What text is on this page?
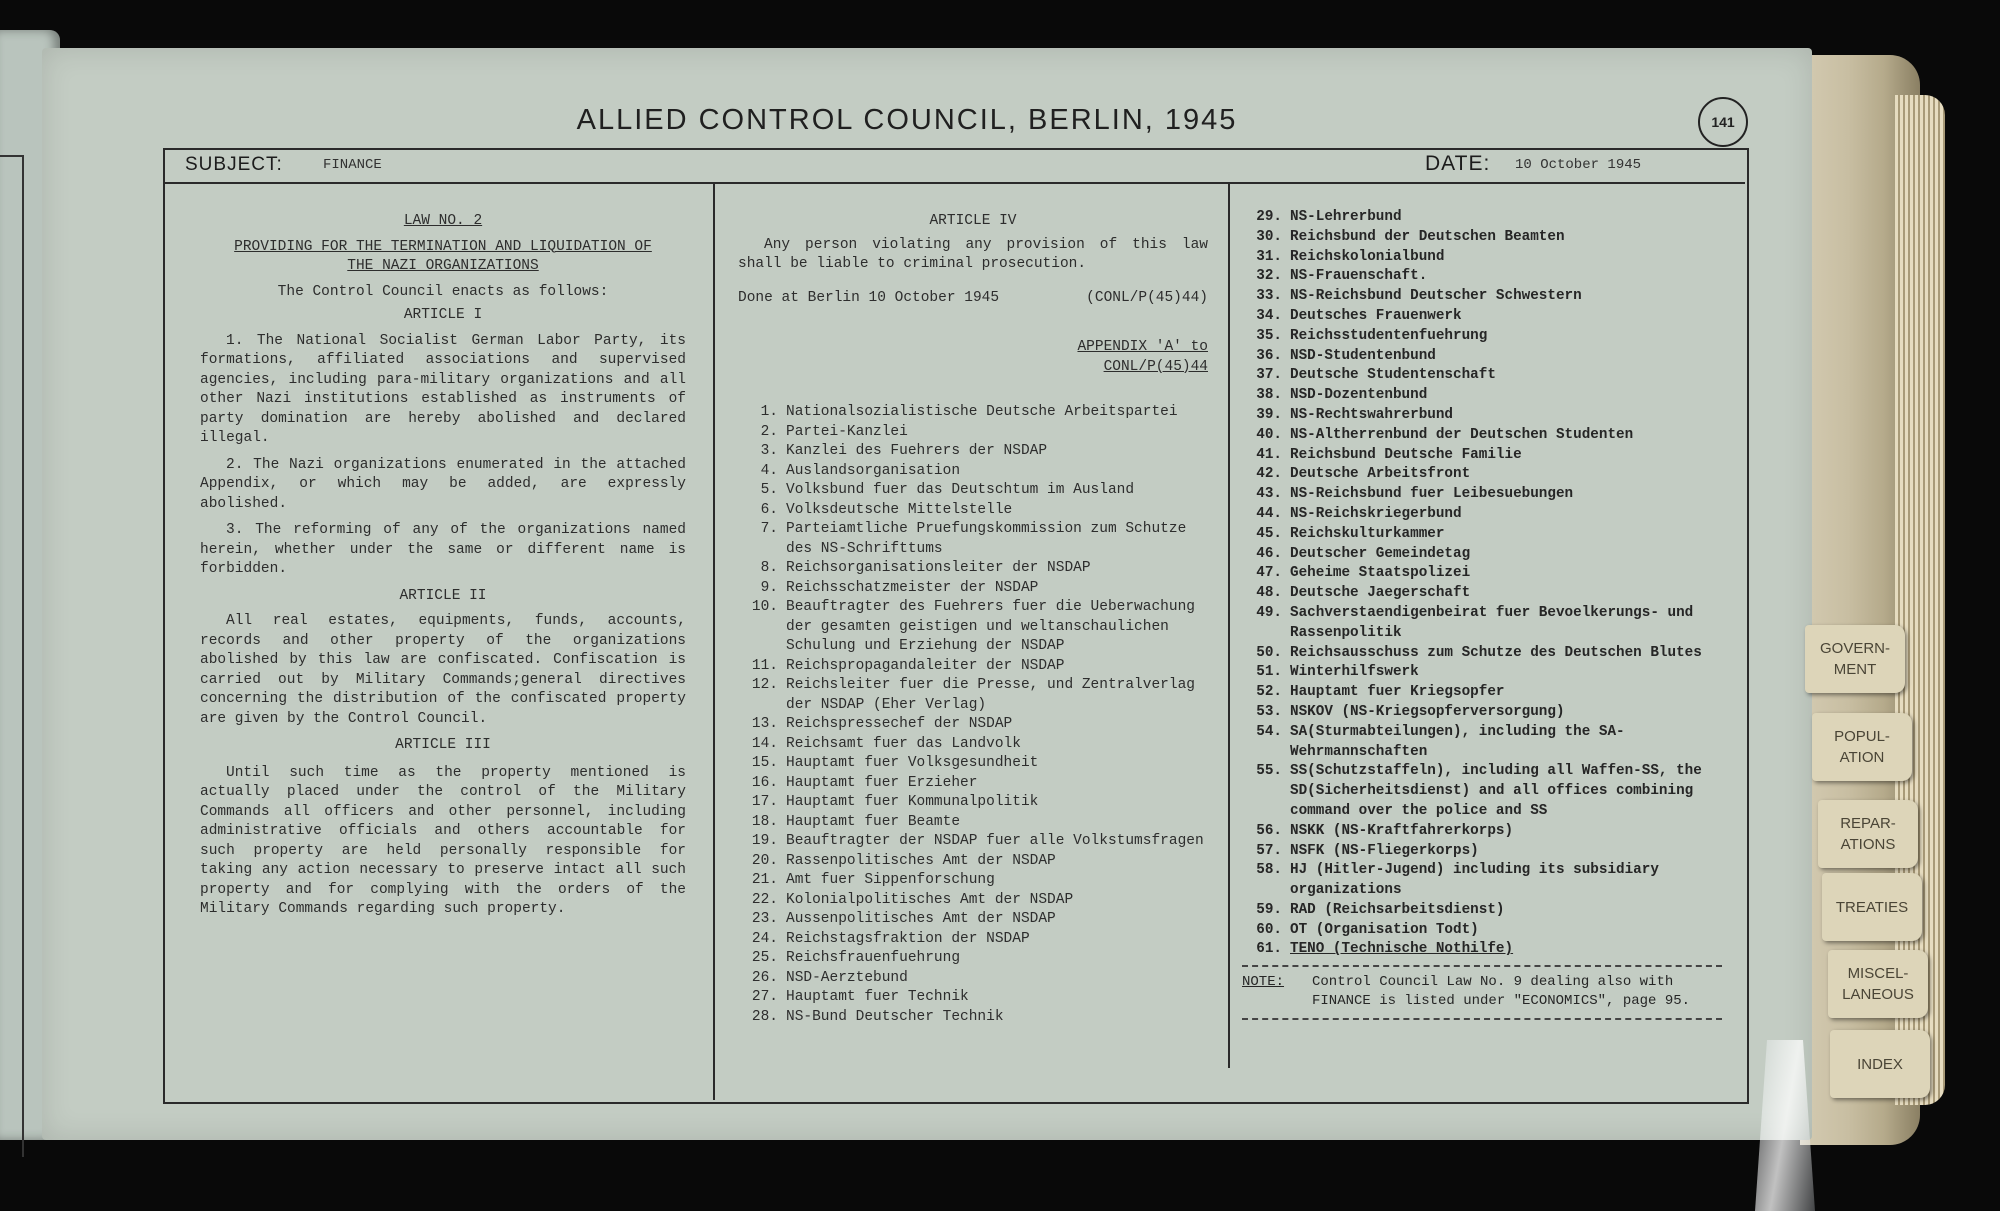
ALLIED CONTROL COUNCIL, BERLIN, 1945	141
SUBJECT:	FINANCE	DATE: 10 October 1945

LAW NO. 2

PROVIDING FOR THE TERMINATION AND LIQUIDATION OF

THE NAZI ORGANIZATIONS

The Control Council enacts as follows:

ARTICLE I

1. The National Socialist German Labor Party, its formations, affiliated associations and supervised agencies, including para-military organizations and all other Nazi institutions established as instruments of party domination are hereby abolished and declared illegal.

2. The Nazi organizations enumerated in the attached Appendix, or which may be added, are expressly abolished.

3. The reforming of any of the organizations named herein, whether under the same or different name is forbidden.

ARTICLE II

All real estates, equipments, funds, accounts, records and other property of the organizations abolished by this law are confiscated. Confiscation is carried out by Military Commands;general directives concerning the distribution of the confiscated property are given by the Control Council.

ARTICLE III

Until such time as the property mentioned is actually placed under the control of the Military Commands all officers and other personnel, including administrative officials and others accountable for such property are held personally responsible for taking any action necessary to preserve intact all such property and for complying with the orders of the Military Commands regarding such property.

ARTICLE IV

Any person violating any provision of this law shall be liable to criminal prosecution.

Done at Berlin 10 October 1945	(CONL/P(45)44)

APPENDIX 'A' to

CONL/P(45)44

1. Nationalsozialistische Deutsche Arbeitspartei
2. Partei-Kanzlei
3. Kanzlei des Fuehrers der NSDAP
4. Auslandsorganisation
5. Volksbund fuer das Deutschtum im Ausland
6. Volksdeutsche Mittelstelle
7. Parteiamtliche Pruefungskommission zum Schutze des NS-Schrifttums
8. Reichsorganisationsleiter der NSDAP
9. Reichsschatzmeister der NSDAP
10. Beauftragter des Fuehrers fuer die Ueberwachung der gesamten geistigen und weltanschaulichen Schulung und Erziehung der NSDAP
11. Reichspropagandaleiter der NSDAP
12. Reichsleiter fuer die Presse, und Zentralverlag der NSDAP (Eher Verlag)
13. Reichspressechef der NSDAP
14. Reichsamt fuer das Landvolk
15. Hauptamt fuer Volksgesundheit
16. Hauptamt fuer Erzieher
17. Hauptamt fuer Kommunalpolitik
18. Hauptamt fuer Beamte
19. Beauftragter der NSDAP fuer alle Volkstumsfragen
20. Rassenpolitisches Amt der NSDAP
21. Amt fuer Sippenforschung
22. Kolonialpolitisches Amt der NSDAP
23. Aussenpolitisches Amt der NSDAP
24. Reichstagsfraktion der NSDAP
25. Reichsfrauenfuehrung
26. NSD-Aerztebund
27. Hauptamt fuer Technik
28. NS-Bund Deutscher Technik
29. NS-Lehrerbund
30. Reichsbund der Deutschen Beamten
31. Reichskolonialbund
32. NS-Frauenschaft.
33. NS-Reichsbund Deutscher Schwestern
34. Deutsches Frauenwerk
35. Reichsstudentenfuehrung
36. NSD-Studentenbund
37. Deutsche Studentenschaft
38. NSD-Dozentenbund
39. NS-Rechtswahrerbund
40. NS-Altherrenbund der Deutschen Studenten
41. Reichsbund Deutsche Familie
42. Deutsche Arbeitsfront
43. NS-Reichsbund fuer Leibesuebungen
44. NS-Reichskriegerbund
45. Reichskulturkammer
46. Deutscher Gemeindetag
47. Geheime Staatspolizei
48. Deutsche Jaegerschaft
49. Sachverstaendigenbeirat fuer Bevoelkerungs- und Rassenpolitik
50. Reichsausschuss zum Schutze des Deutschen Blutes
51. Winterhilfswerk
52. Hauptamt fuer Kriegsopfer
53. NSKOV (NS-Kriegsopferversorgung)
54. SA(Sturmabteilungen), including the SA-Wehrmannschaften
55. SS(Schutzstaffeln), including all Waffen-SS, the SD(Sicherheitsdienst) and all offices combining command over the police and SS
56. NSKK (NS-Kraftfahrerkorps)
57. NSFK (NS-Fliegerkorps)
58. HJ (Hitler-Jugend) including its subsidiary organizations
59. RAD (Reichsarbeitsdienst)
60. OT (Organisation Todt)
61. TENO (Technische Nothilfe)
NOTE:	Control Council Law No. 9 dealing also with FINANCE is listed under "ECONOMICS", page 95.
GOVERN-
MENT
POPUL-
ATION
REPAR-
ATIONS
TREATIES
MISCEL-
LANEOUS
INDEX
